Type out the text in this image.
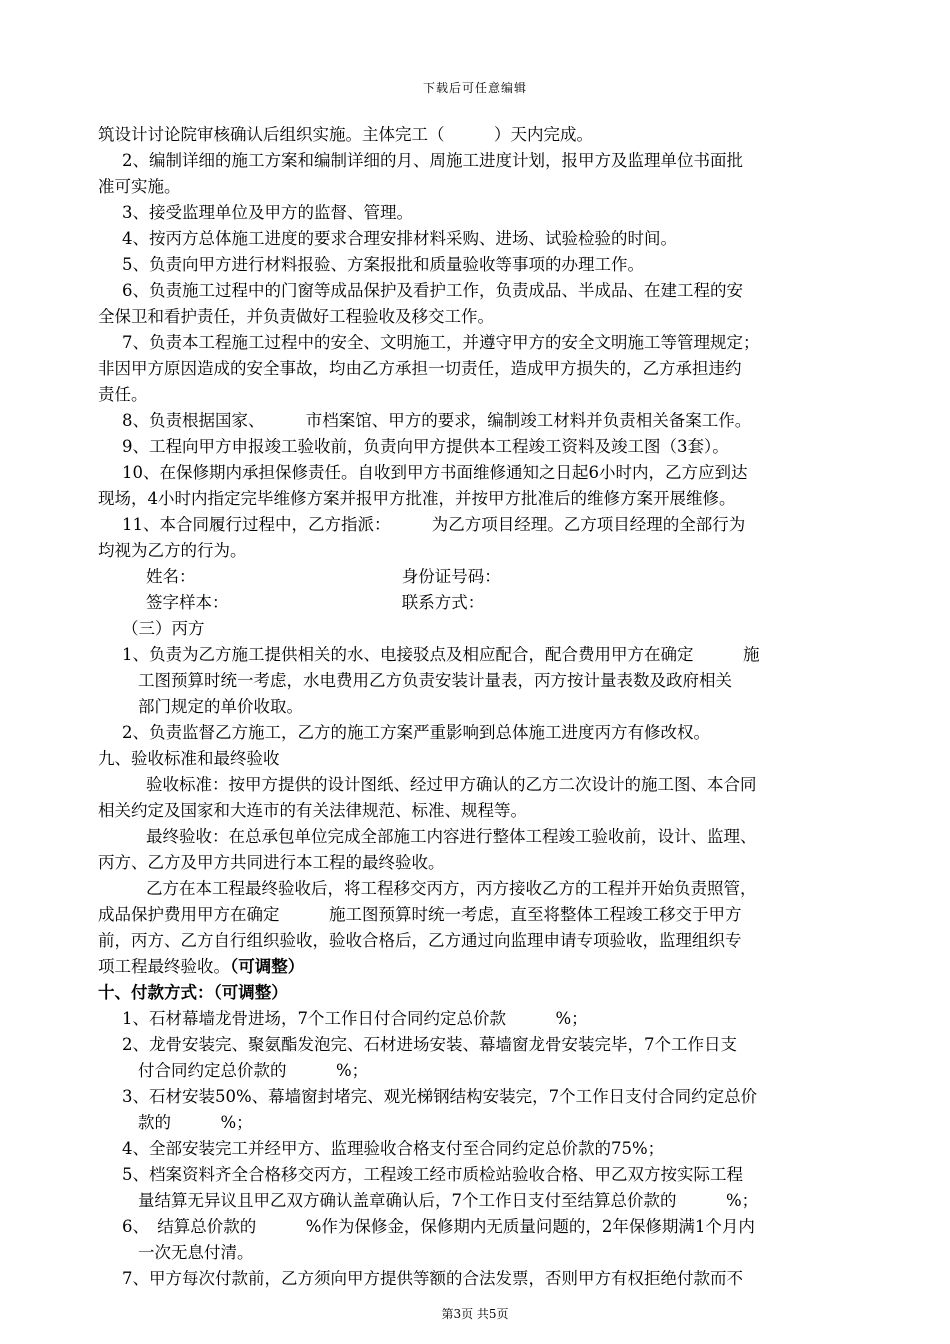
下载后可任意编辑
筑设计讨论院审核确认后组织实施。主体完工（　　　）天内完成。
2、编制详细的施工方案和编制详细的月、周施工进度计划，报甲方及监理单位书面批
准可实施。
3、接受监理单位及甲方的监督、管理。
4、按丙方总体施工进度的要求合理安排材料采购、进场、试验检验的时间。
5、负责向甲方进行材料报验、方案报批和质量验收等事项的办理工作。
6、负责施工过程中的门窗等成品保护及看护工作，负责成品、半成品、在建工程的安
全保卫和看护责任，并负责做好工程验收及移交工作。
7、负责本工程施工过程中的安全、文明施工，并遵守甲方的安全文明施工等管理规定；
非因甲方原因造成的安全事故，均由乙方承担一切责任，造成甲方损失的，乙方承担违约
责任。
8、负责根据国家、　　　市档案馆、甲方的要求，编制竣工材料并负责相关备案工作。
9、工程向甲方申报竣工验收前，负责向甲方提供本工程竣工资料及竣工图（3套）。
10、在保修期内承担保修责任。自收到甲方书面维修通知之日起6小时内，乙方应到达
现场，4小时内指定完毕维修方案并报甲方批准，并按甲方批准后的维修方案开展维修。
11、本合同履行过程中，乙方指派：　　　为乙方项目经理。乙方项目经理的全部行为
均视为乙方的行为。
姓名：　　　　　　　　　　　　　身份证号码：
签字样本：　　　　　　　　　　　联系方式：
（三）丙方
1、负责为乙方施工提供相关的水、电接驳点及相应配合，配合费用甲方在确定　　　施
工图预算时统一考虑，水电费用乙方负责安装计量表，丙方按计量表数及政府相关
部门规定的单价收取。
2、负责监督乙方施工，乙方的施工方案严重影响到总体施工进度丙方有修改权。
九、验收标准和最终验收
验收标准：按甲方提供的设计图纸、经过甲方确认的乙方二次设计的施工图、本合同
相关约定及国家和大连市的有关法律规范、标准、规程等。
最终验收：在总承包单位完成全部施工内容进行整体工程竣工验收前，设计、监理、
丙方、乙方及甲方共同进行本工程的最终验收。
乙方在本工程最终验收后，将工程移交丙方，丙方接收乙方的工程并开始负责照管，
成品保护费用甲方在确定　　　施工图预算时统一考虑，直至将整体工程竣工移交于甲方
前，丙方、乙方自行组织验收，验收合格后，乙方通过向监理申请专项验收，监理组织专
项工程最终验收。（可调整）
十、付款方式：（可调整）
1、石材幕墙龙骨进场，7个工作日付合同约定总价款　　　%；
2、龙骨安装完、聚氨酯发泡完、石材进场安装、幕墙窗龙骨安装完毕，7个工作日支
付合同约定总价款的　　　%；
3、石材安装50%、幕墙窗封堵完、观光梯钢结构安装完，7个工作日支付合同约定总价
款的　　　%；
4、全部安装完工并经甲方、监理验收合格支付至合同约定总价款的75%；
5、档案资料齐全合格移交丙方，工程竣工经市质检站验收合格、甲乙双方按实际工程
量结算无异议且甲乙双方确认盖章确认后，7个工作日支付至结算总价款的　　　%；
6、　结算总价款的　　　%作为保修金，保修期内无质量问题的，2年保修期满1个月内
一次无息付清。
7、甲方每次付款前，乙方须向甲方提供等额的合法发票，否则甲方有权拒绝付款而不
第3页 共5页
